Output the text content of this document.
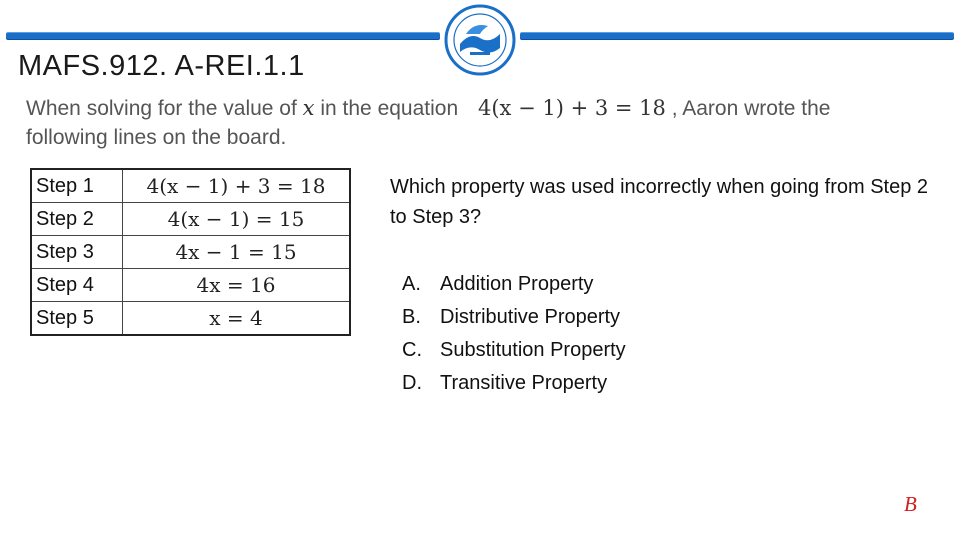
MAFS.912. A-REI.1.1
When solving for the value of x in the equation 4(x − 1) + 3 = 18 , Aaron wrote the
following lines on the board.
Step 1	4(x − 1) + 3 = 18
Step 2	4(x − 1) = 15
Step 3	4x − 1 = 15
Step 4	4x = 16
Step 5	x = 4
Which property was used incorrectly when going from Step 2 to Step 3?
A. Addition Property
B. Distributive Property
C. Substitution Property
D. Transitive Property
B
